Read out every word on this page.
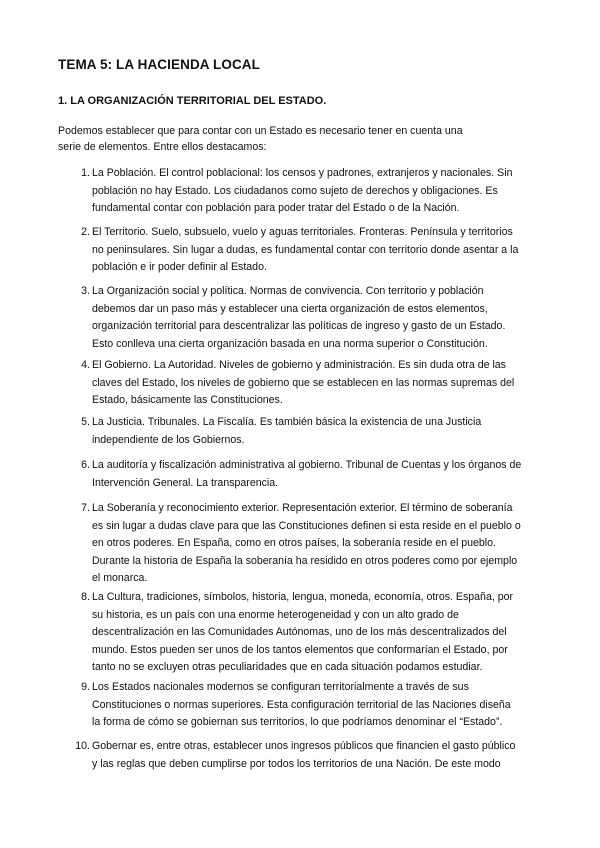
TEMA 5: LA HACIENDA LOCAL
1. LA ORGANIZACIÓN TERRITORIAL DEL ESTADO.
Podemos establecer que para contar con un Estado es necesario tener en cuenta una
serie de elementos. Entre ellos destacamos:
1. La Población. El control poblacional: los censos y padrones, extranjeros y nacionales. Sin
población no hay Estado. Los ciudadanos como sujeto de derechos y obligaciones. Es
fundamental contar con población para poder tratar del Estado o de la Nación.
2. El Territorio. Suelo, subsuelo, vuelo y aguas territoriales. Fronteras. Península y territorios
no peninsulares. Sin lugar a dudas, es fundamental contar con territorio donde asentar a la
población e ir poder definir al Estado.
3. La Organización social y política. Normas de convivencia. Con territorio y población
debemos dar un paso más y establecer una cierta organización de estos elementos,
organización territorial para descentralizar las políticas de ingreso y gasto de un Estado.
Esto conlleva una cierta organización basada en una norma superior o Constitución.
4. El Gobierno. La Autoridad. Niveles de gobierno y administración. Es sin duda otra de las
claves del Estado, los niveles de gobierno que se establecen en las normas supremas del
Estado, básicamente las Constituciones.
5. La Justicia. Tribunales. La Fiscalía. Es también básica la existencia de una Justicia
independiente de los Gobiernos.
6. La auditoría y fiscalización administrativa al gobierno. Tribunal de Cuentas y los órganos de
Intervención General. La transparencia.
7. La Soberanía y reconocimiento exterior. Representación exterior. El término de soberanía
es sin lugar a dudas clave para que las Constituciones definen si esta reside en el pueblo o
en otros poderes. En España, como en otros países, la soberanía reside en el pueblo.
Durante la historia de España la soberanía ha residido en otros poderes como por ejemplo
el monarca.
8. La Cultura, tradiciones, símbolos, historia, lengua, moneda, economía, otros. España, por
su historia, es un país con una enorme heterogeneidad y con un alto grado de
descentralización en las Comunidades Autónomas, uno de los más descentralizados del
mundo. Estos pueden ser unos de los tantos elementos que conformarían el Estado, por
tanto no se excluyen otras peculiaridades que en cada situación podamos estudiar.
9. Los Estados nacionales modernos se configuran territorialmente a través de sus
Constituciones o normas superiores. Esta configuración territorial de las Naciones diseña
la forma de cómo se gobiernan sus territorios, lo que podríamos denominar el “Estado”.
10. Gobernar es, entre otras, establecer unos ingresos públicos que financien el gasto público
y las reglas que deben cumplirse por todos los territorios de una Nación. De este modo
